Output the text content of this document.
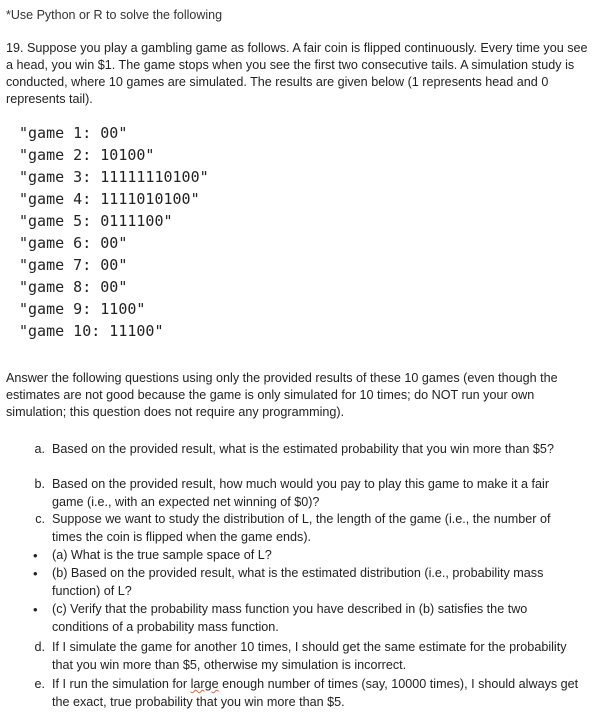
*Use Python or R to solve the following
19. Suppose you play a gambling game as follows. A fair coin is flipped continuously. Every time you see a head, you win $1. The game stops when you see the first two consecutive tails. A simulation study is conducted, where 10 games are simulated. The results are given below (1 represents head and 0 represents tail).
"game 1: 00"
"game 2: 10100"
"game 3: 11111110100"
"game 4: 1111010100"
"game 5: 0111100"
"game 6: 00"
"game 7: 00"
"game 8: 00"
"game 9: 1100"
"game 10: 11100"
Answer the following questions using only the provided results of these 10 games (even though the estimates are not good because the game is only simulated for 10 times; do NOT run your own simulation; this question does not require any programming).
a. Based on the provided result, what is the estimated probability that you win more than $5?
b. Based on the provided result, how much would you pay to play this game to make it a fair game (i.e., with an expected net winning of $0)?
c. Suppose we want to study the distribution of L, the length of the game (i.e., the number of times the coin is flipped when the game ends).
• (a) What is the true sample space of L?
• (b) Based on the provided result, what is the estimated distribution (i.e., probability mass function) of L?
• (c) Verify that the probability mass function you have described in (b) satisfies the two conditions of a probability mass function.
d. If I simulate the game for another 10 times, I should get the same estimate for the probability that you win more than $5, otherwise my simulation is incorrect.
e. If I run the simulation for large enough number of times (say, 10000 times), I should always get the exact, true probability that you win more than $5.
